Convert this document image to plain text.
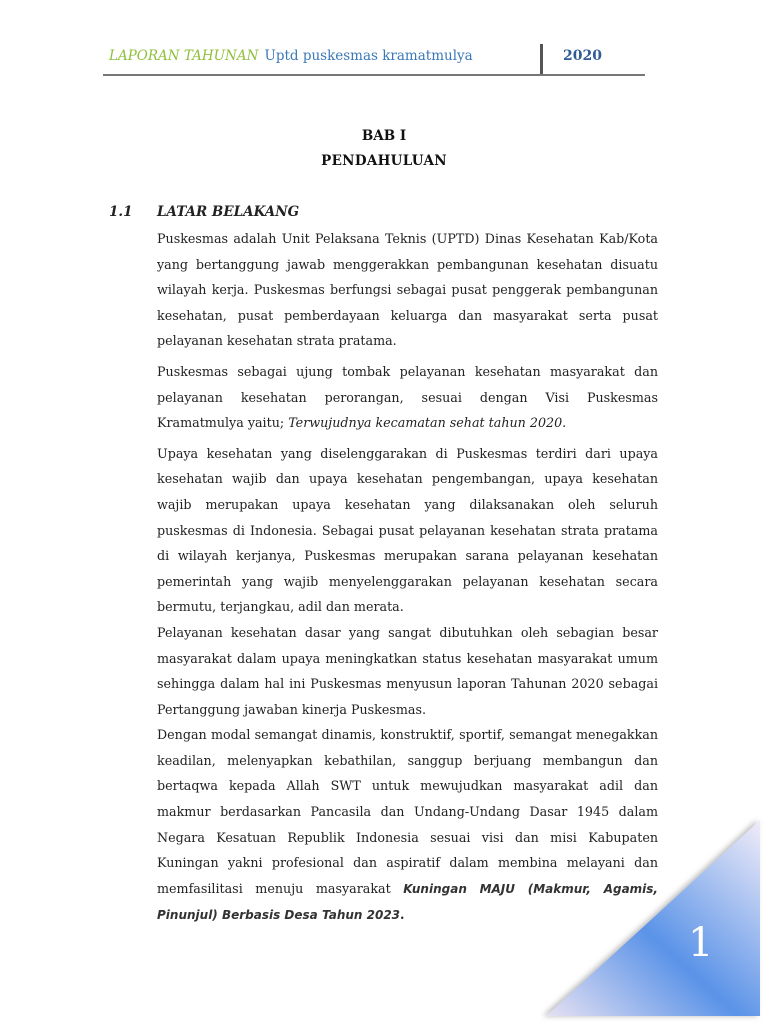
LAPORAN TAHUNAN Uptd puskesmas kramatmulya	2020
BAB I
PENDAHULUAN
1.1 LATAR BELAKANG

Puskesmas adalah Unit Pelaksana Teknis (UPTD) Dinas Kesehatan Kab/Kota yang bertanggung jawab menggerakkan pembangunan kesehatan disuatu wilayah kerja. Puskesmas berfungsi sebagai pusat penggerak pembangunan kesehatan, pusat pemberdayaan keluarga dan masyarakat serta pusat pelayanan kesehatan strata pratama.

Puskesmas sebagai ujung tombak pelayanan kesehatan masyarakat dan pelayanan kesehatan perorangan, sesuai dengan Visi Puskesmas Kramatmulya yaitu; Terwujudnya kecamatan sehat tahun 2020.

Upaya kesehatan yang diselenggarakan di Puskesmas terdiri dari upaya kesehatan wajib dan upaya kesehatan pengembangan, upaya kesehatan wajib merupakan upaya kesehatan yang dilaksanakan oleh seluruh puskesmas di Indonesia. Sebagai pusat pelayanan kesehatan strata pratama di wilayah kerjanya, Puskesmas merupakan sarana pelayanan kesehatan pemerintah yang wajib menyelenggarakan pelayanan kesehatan secara bermutu, terjangkau, adil dan merata.

Pelayanan kesehatan dasar yang sangat dibutuhkan oleh sebagian besar masyarakat dalam upaya meningkatkan status kesehatan masyarakat umum sehingga dalam hal ini Puskesmas menyusun laporan Tahunan 2020 sebagai Pertanggung jawaban kinerja Puskesmas.

Dengan modal semangat dinamis, konstruktif, sportif, semangat menegakkan keadilan, melenyapkan kebathilan, sanggup berjuang membangun dan bertaqwa kepada Allah SWT untuk mewujudkan masyarakat adil dan makmur berdasarkan Pancasila dan Undang-Undang Dasar 1945 dalam Negara Kesatuan Republik Indonesia sesuai visi dan misi Kabupaten Kuningan yakni profesional dan aspiratif dalam membina melayani dan memfasilitasi menuju masyarakat Kuningan MAJU (Makmur, Agamis, Pinunjul) Berbasis Desa Tahun 2023.

1
